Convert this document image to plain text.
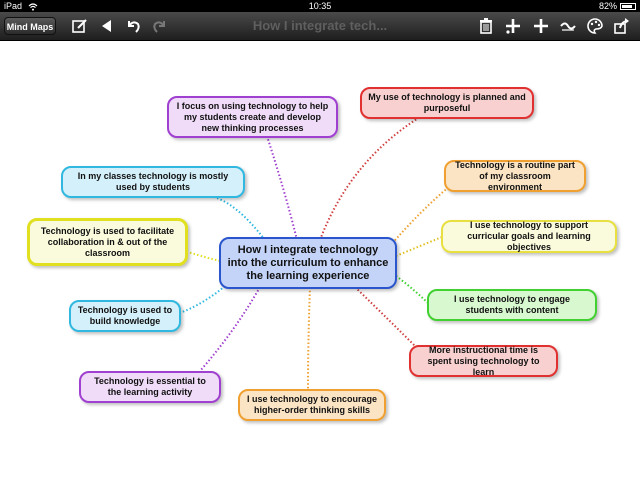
iPad	10:35	82%
Mind Maps	How I integrate tech...
How I integrate technology into the curriculum to enhance the learning experience
I focus on using technology to help my students create and develop new thinking processes
My use of technology is planned and purposeful
In my classes technology is mostly used by students
Technology is a routine part of my classroom environment
Technology is used to facilitate collaboration in & out of the classroom
I use technology to support curricular goals and learning objectives
I use technology to engage students with content
Technology is used to build knowledge
More instructional time is spent using technology to learn
Technology is essential to the learning activity
I use technology to encourage higher-order thinking skills
